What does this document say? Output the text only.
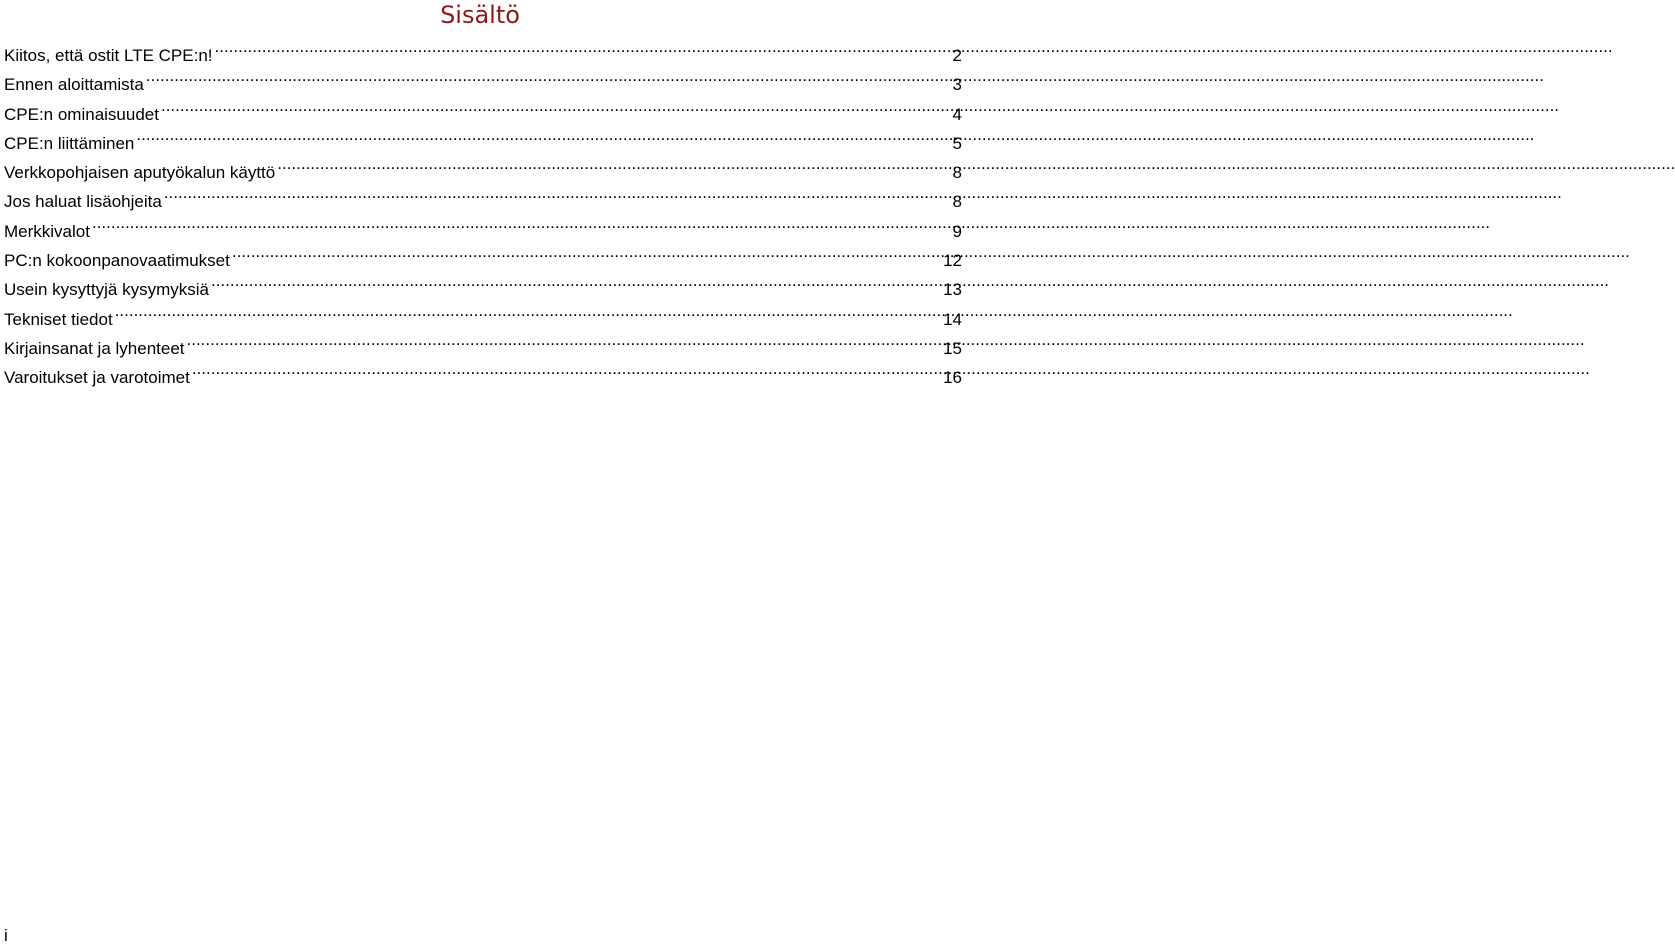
Sisältö
Kiitos, että ostit LTE CPE:n! .....	2
Ennen aloittamista .....	3
CPE:n ominaisuudet .....	4
CPE:n liittäminen .....	5
Verkkopohjaisen aputyökalun käyttö .....	8
Jos haluat lisäohjeita .....	8
Merkkivalot .....	9
PC:n kokoonpanovaatimukset .....	12
Usein kysyttyjä kysymyksiä .....	13
Tekniset tiedot .....	14
Kirjainsanat ja lyhenteet .....	15
Varoitukset ja varotoimet .....	16
i
